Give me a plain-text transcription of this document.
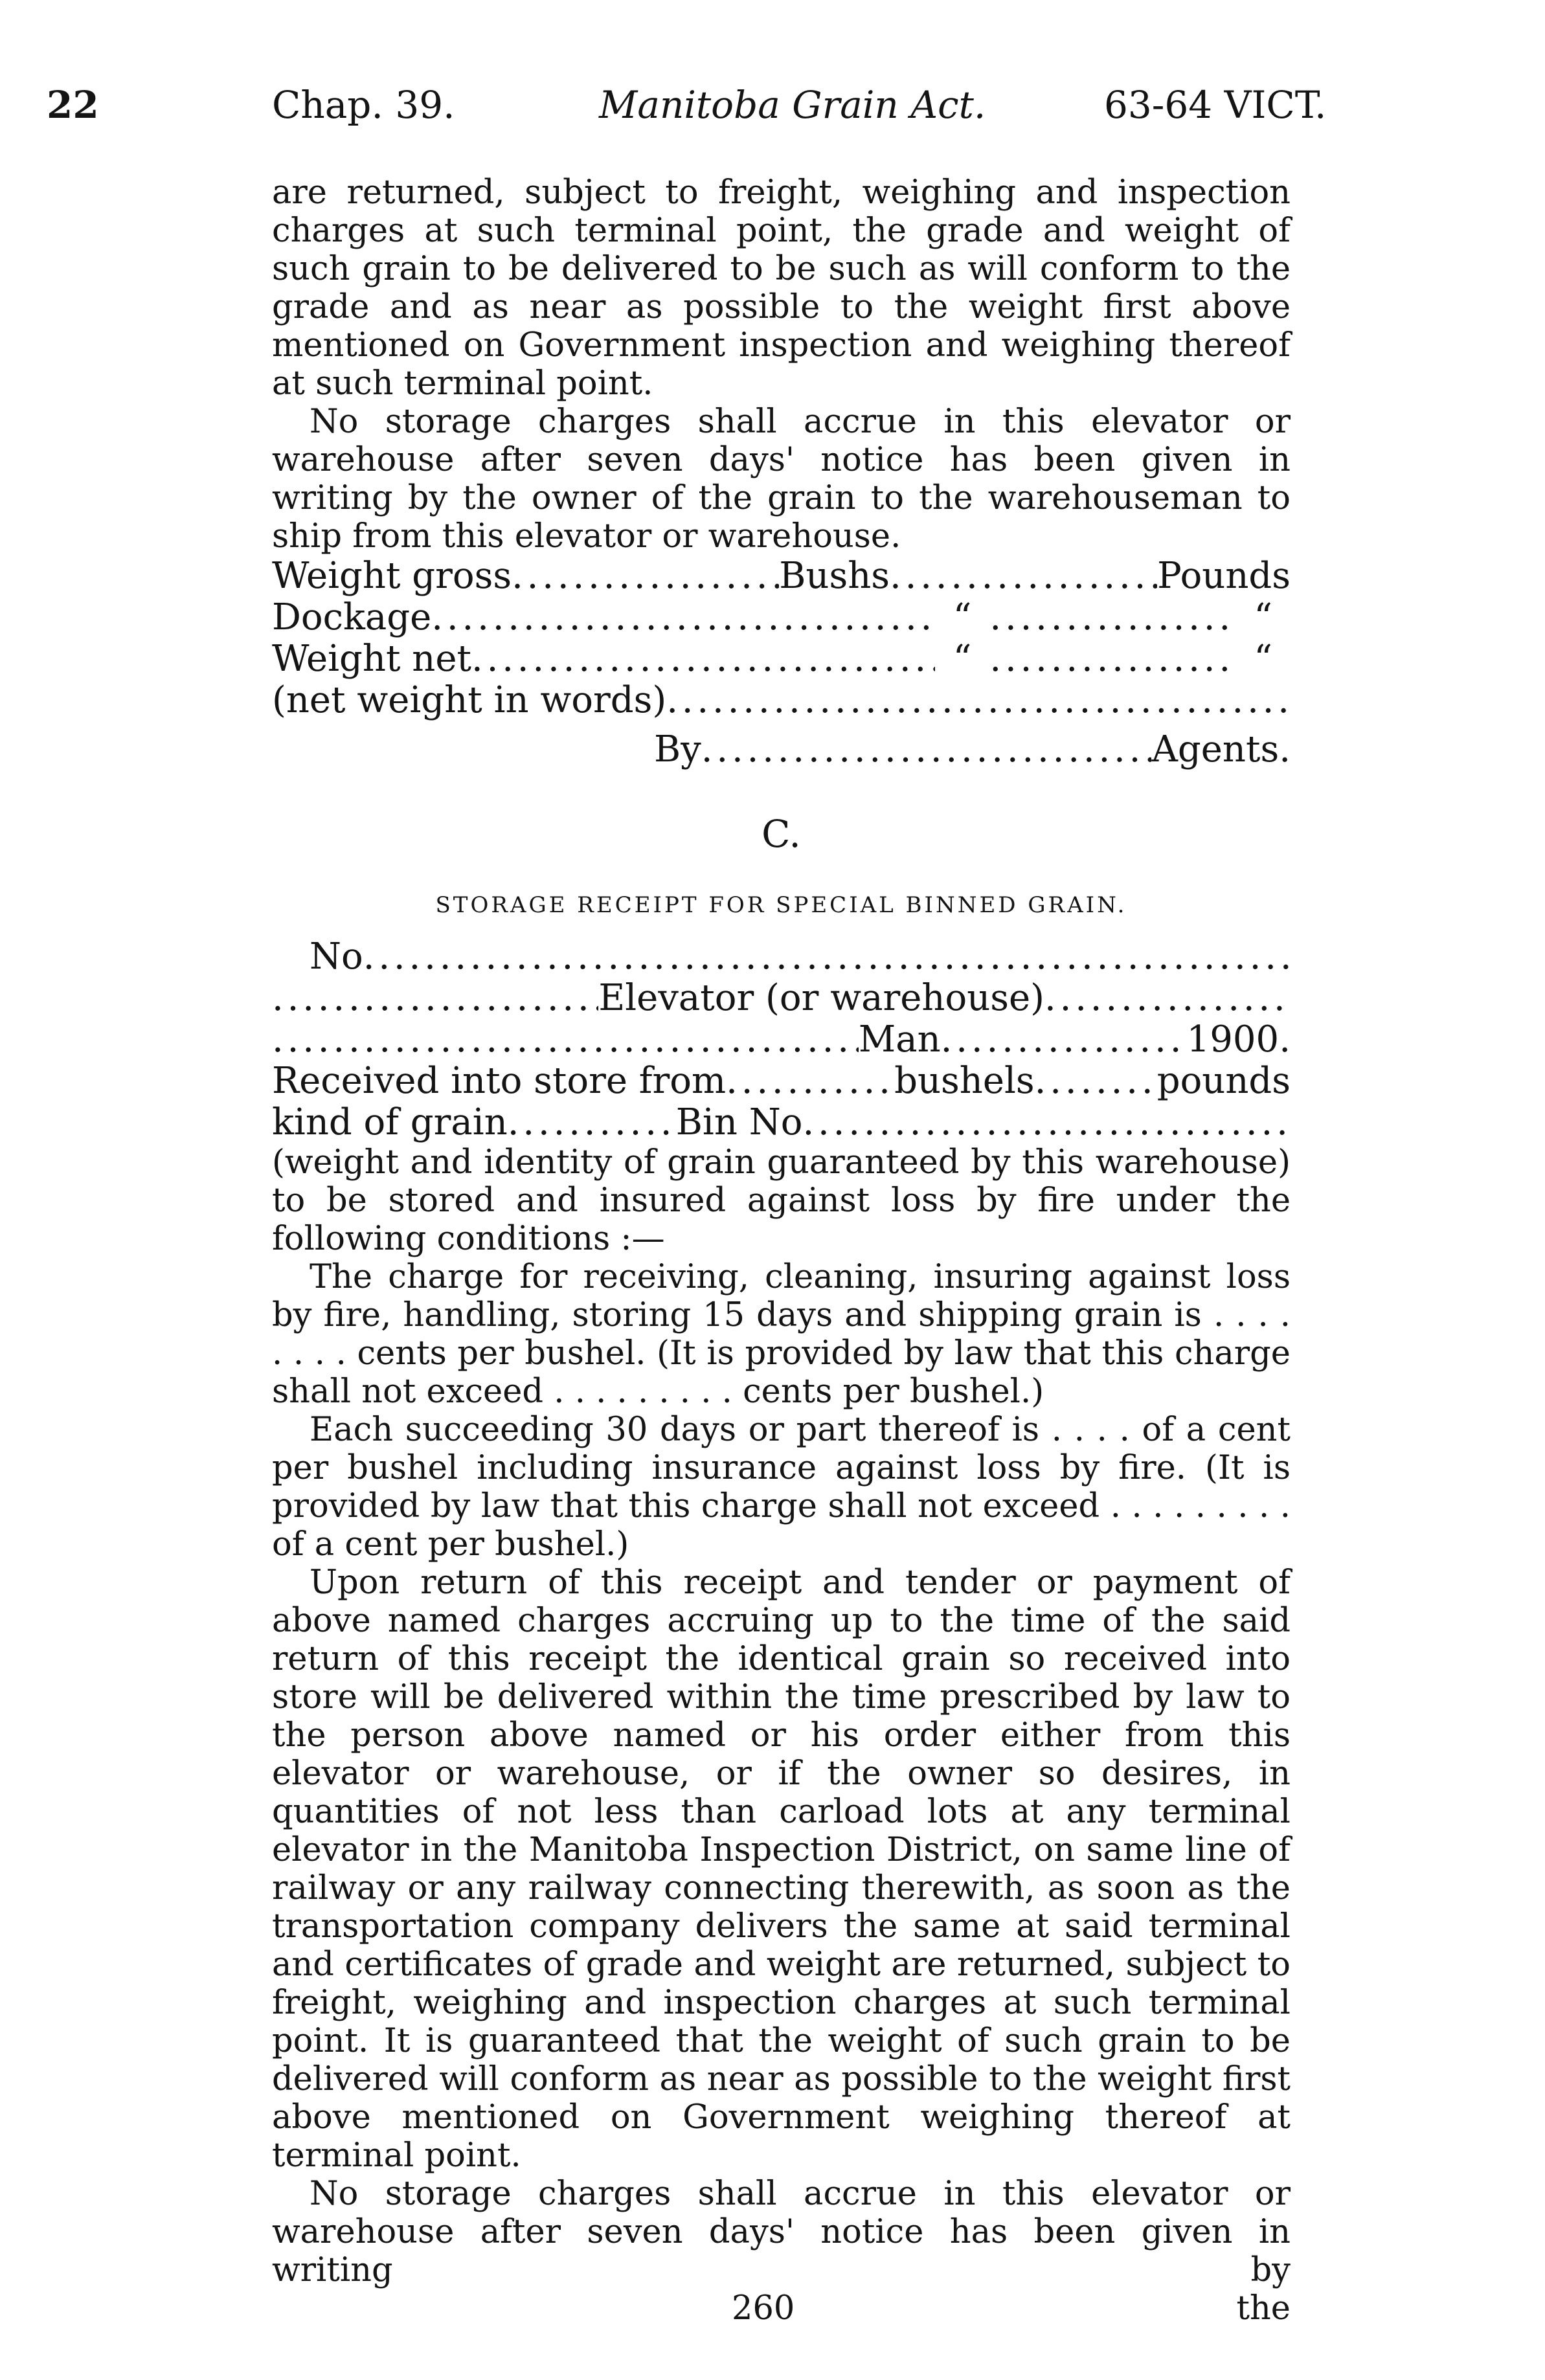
22	Chap. 39.	Manitoba Grain Act.	63-64 VICT.

are returned, subject to freight, weighing and inspection charges at such terminal point, the grade and weight of such grain to be delivered to be such as will conform to the grade and as near as possible to the weight first above mentioned on Government inspection and weighing thereof at such terminal point.

No storage charges shall accrue in this elevator or warehouse after seven days' notice has been given in writing by the owner of the grain to the warehouseman to ship from this elevator or warehouse.

Weight gross . . .	Bushs . . .	Pounds
Dockage . . .	“ . . .	“
Weight net . . .	“ . . .	“
(net weight in words)
. . .
By . . .	Agents.
C.
STORAGE RECEIPT FOR SPECIAL BINNED GRAIN.
No
. . .
. . .
Elevator (or warehouse)
. . .
. . .
Man . . .	1900.
Received into store from . . .	bushels . . .	pounds
kind of grain . . .	Bin No
. . .

(weight and identity of grain guaranteed by this warehouse) to be stored and insured against loss by fire under the following conditions :—

The charge for receiving, cleaning, insuring against loss by fire, handling, storing 15 days and shipping grain is . . . . . . . . cents per bushel. (It is provided by law that this charge shall not exceed . . . . . . . . . cents per bushel.)

Each succeeding 30 days or part thereof is . . . . of a cent per bushel including insurance against loss by fire. (It is provided by law that this charge shall not exceed . . . . . . . . . of a cent per bushel.)

Upon return of this receipt and tender or payment of above named charges accruing up to the time of the said return of this receipt the identical grain so received into store will be delivered within the time prescribed by law to the person above named or his order either from this elevator or warehouse, or if the owner so desires, in quantities of not less than carload lots at any terminal elevator in the Manitoba Inspection District, on same line of railway or any railway connecting therewith, as soon as the transportation company delivers the same at said terminal and certificates of grade and weight are returned, subject to freight, weighing and inspection charges at such terminal point. It is guaranteed that the weight of such grain to be delivered will conform as near as possible to the weight first above mentioned on Government weighing thereof at terminal point.

No storage charges shall accrue in this elevator or warehouse after seven days' notice has been given in writing by

260	the
